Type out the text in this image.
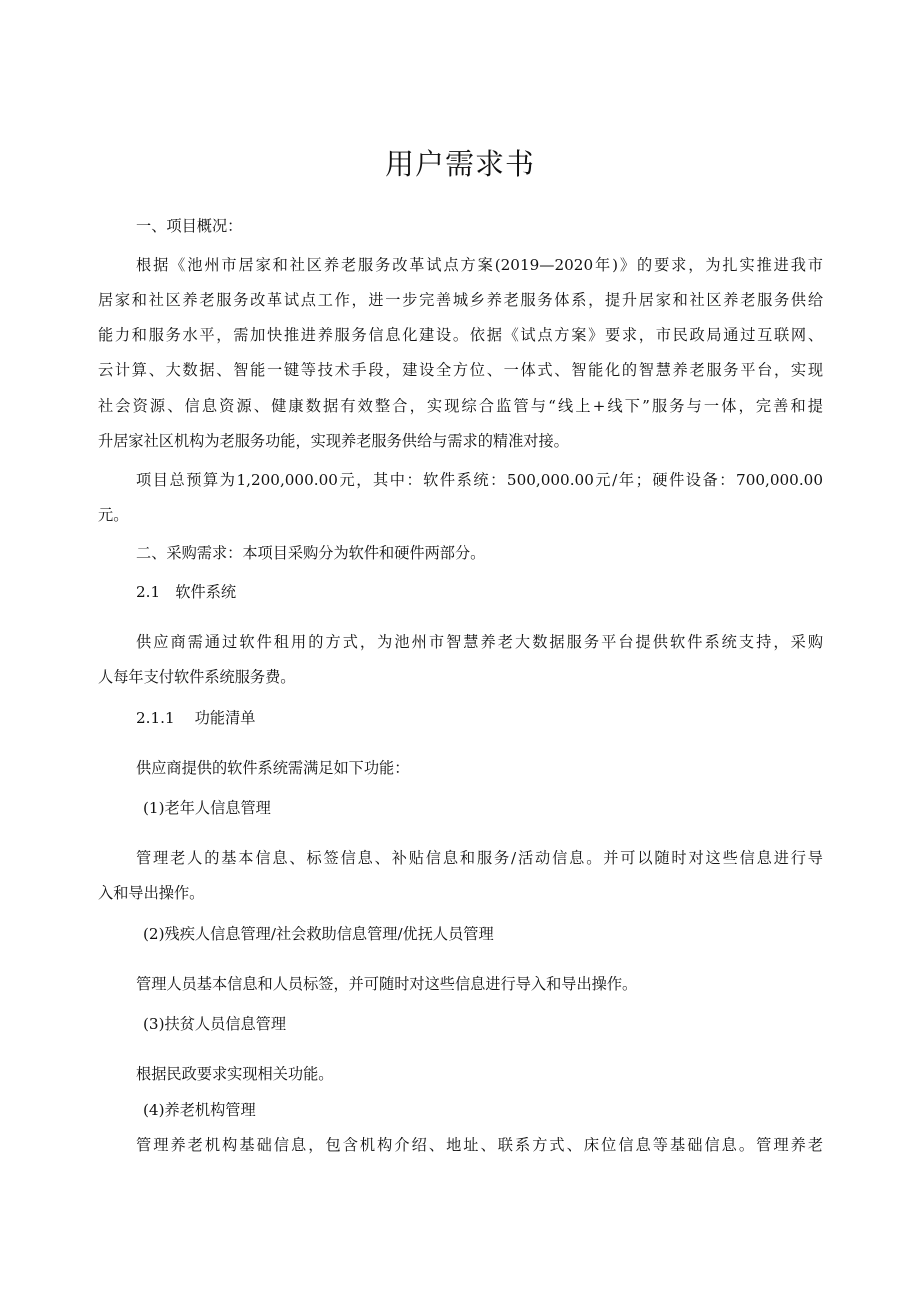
用户需求书
一、项目概况：
根据《池州市居家和社区养老服务改革试点方案(2019—2020年)》的要求，为扎实推进我市
居家和社区养老服务改革试点工作，进一步完善城乡养老服务体系，提升居家和社区养老服务供给
能力和服务水平，需加快推进养服务信息化建设。依据《试点方案》要求，市民政局通过互联网、
云计算、大数据、智能一键等技术手段，建设全方位、一体式、智能化的智慧养老服务平台，实现
社会资源、信息资源、健康数据有效整合，实现综合监管与“线上+线下”服务与一体，完善和提
升居家社区机构为老服务功能，实现养老服务供给与需求的精准对接。
项目总预算为1,200,000.00元，其中：软件系统：500,000.00元/年；硬件设备：700,000.00
元。
二、采购需求：本项目采购分为软件和硬件两部分。
2.1　软件系统
供应商需通过软件租用的方式，为池州市智慧养老大数据服务平台提供软件系统支持，采购
人每年支付软件系统服务费。
2.1.1　 功能清单
供应商提供的软件系统需满足如下功能：
(1)老年人信息管理
管理老人的基本信息、标签信息、补贴信息和服务/活动信息。并可以随时对这些信息进行导
入和导出操作。
(2)残疾人信息管理/社会救助信息管理/优抚人员管理
管理人员基本信息和人员标签，并可随时对这些信息进行导入和导出操作。
(3)扶贫人员信息管理
根据民政要求实现相关功能。
(4)养老机构管理
管理养老机构基础信息，包含机构介绍、地址、联系方式、床位信息等基础信息。管理养老
